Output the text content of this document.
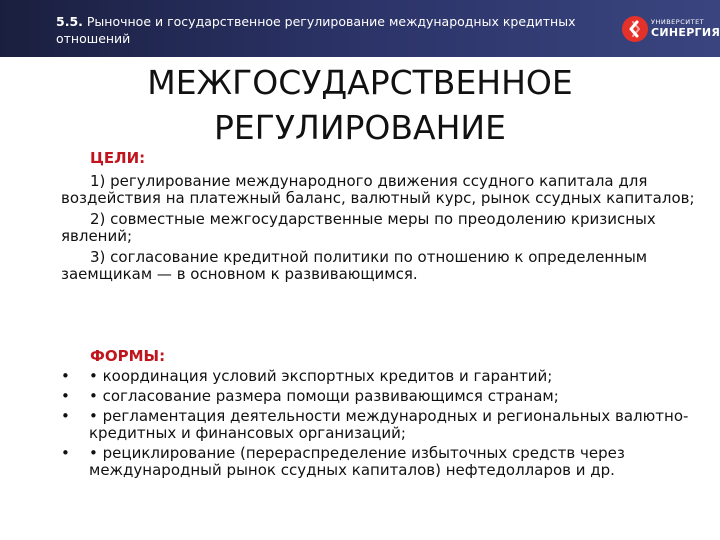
5.5. Рыночное и государственное регулирование международных кредитных отношений
УНИВЕРСИТЕТ
СИНЕРГИЯ
МЕЖГОСУДАРСТВЕННОЕ
РЕГУЛИРОВАНИЕ
ЦЕЛИ:

1) регулирование международного движения ссудного капитала для воздействия на платежный баланс, валютный курс, рынок ссудных капиталов;

2) совместные межгосударственные меры по преодолению кризисных явлений;

3) согласование кредитной политики по отношению к определенным заемщикам — в основном к развивающимся.

ФОРМЫ:
• • координация условий экспортных кредитов и гарантий;
• • согласование размера помощи развивающимся странам;
• • регламентация деятельности международных и региональных валютно-кредитных и финансовых организаций;
• • рециклирование (перераспределение избыточных средств через международный рынок ссудных капиталов) нефтедолларов и др.
